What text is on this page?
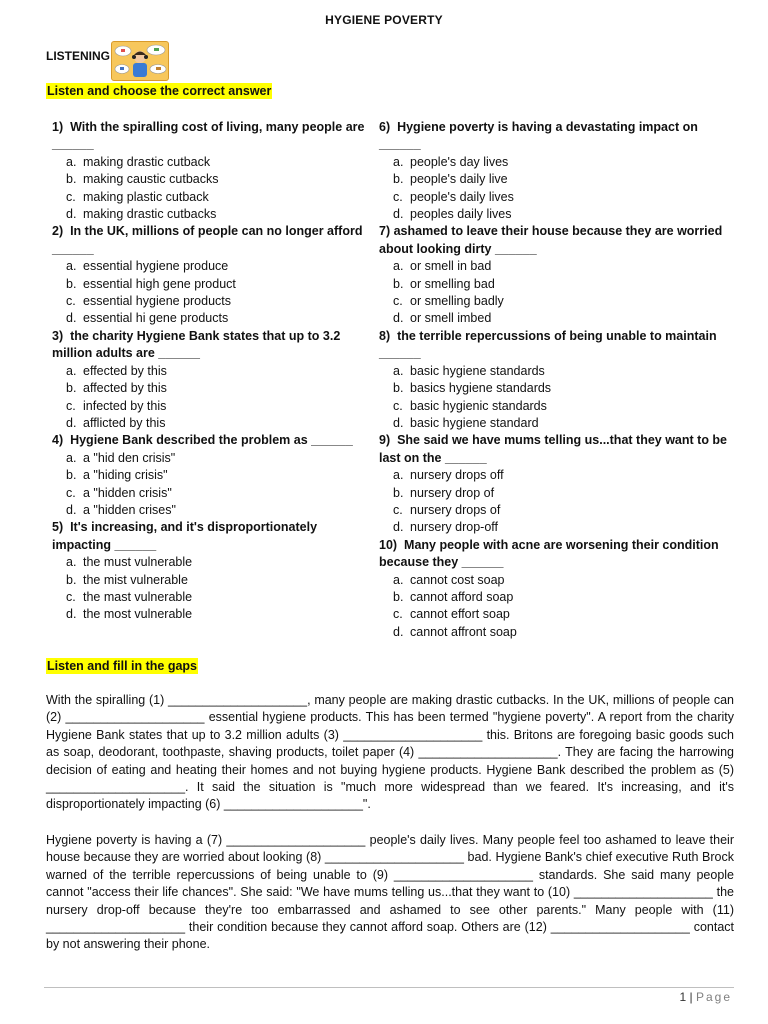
HYGIENE POVERTY
LISTENING
Listen and choose the correct answer
1) With the spiralling cost of living, many people are
______
a. making drastic cutback
b. making caustic cutbacks
c. making plastic cutback
d. making drastic cutbacks
2) In the UK, millions of people can no longer afford
______
a. essential hygiene produce
b. essential high gene product
c. essential hygiene products
d. essential hi gene products
3) the charity Hygiene Bank states that up to 3.2
million adults are ______
a. effected by this
b. affected by this
c. infected by this
d. afflicted by this
4) Hygiene Bank described the problem as ______
a. a "hid den crisis"
b. a "hiding crisis"
c. a "hidden crisis"
d. a "hidden crises"
5) It's increasing, and it's disproportionately
impacting ______
a. the must vulnerable
b. the mist vulnerable
c. the mast vulnerable
d. the most vulnerable
6) Hygiene poverty is having a devastating impact on
______
a. people's day lives
b. people's daily live
c. people's daily lives
d. peoples daily lives
7) ashamed to leave their house because they are worried
about looking dirty ______
a. or smell in bad
b. or smelling bad
c. or smelling badly
d. or smell imbed
8) the terrible repercussions of being unable to maintain
______
a. basic hygiene standards
b. basics hygiene standards
c. basic hygienic standards
d. basic hygiene standard
9) She said we have mums telling us...that they want to be
last on the ______
a. nursery drops off
b. nursery drop of
c. nursery drops of
d. nursery drop-off
10) Many people with acne are worsening their condition
because they ______
a. cannot cost soap
b. cannot afford soap
c. cannot effort soap
d. cannot affront soap
Listen and fill in the gaps
With the spiralling (1) ____________________, many people are making drastic cutbacks. In the UK, millions of people can (2) ____________________ essential hygiene products. This has been termed "hygiene poverty". A report from the charity Hygiene Bank states that up to 3.2 million adults (3) ____________________ this. Britons are foregoing basic goods such as soap, deodorant, toothpaste, shaving products, toilet paper (4) ____________________. They are facing the harrowing decision of eating and heating their homes and not buying hygiene products. Hygiene Bank described the problem as (5) ____________________. It said the situation is "much more widespread than we feared. It's increasing, and it's disproportionately impacting (6) ____________________".
Hygiene poverty is having a (7) ____________________ people's daily lives. Many people feel too ashamed to leave their house because they are worried about looking (8) ____________________ bad. Hygiene Bank's chief executive Ruth Brock warned of the terrible repercussions of being unable to (9) ____________________ standards. She said many people cannot "access their life chances". She said: "We have mums telling us...that they want to (10) ____________________ the nursery drop-off because they're too embarrassed and ashamed to see other parents." Many people with (11) ____________________ their condition because they cannot afford soap. Others are (12) ____________________ contact by not answering their phone.
1 | Page
